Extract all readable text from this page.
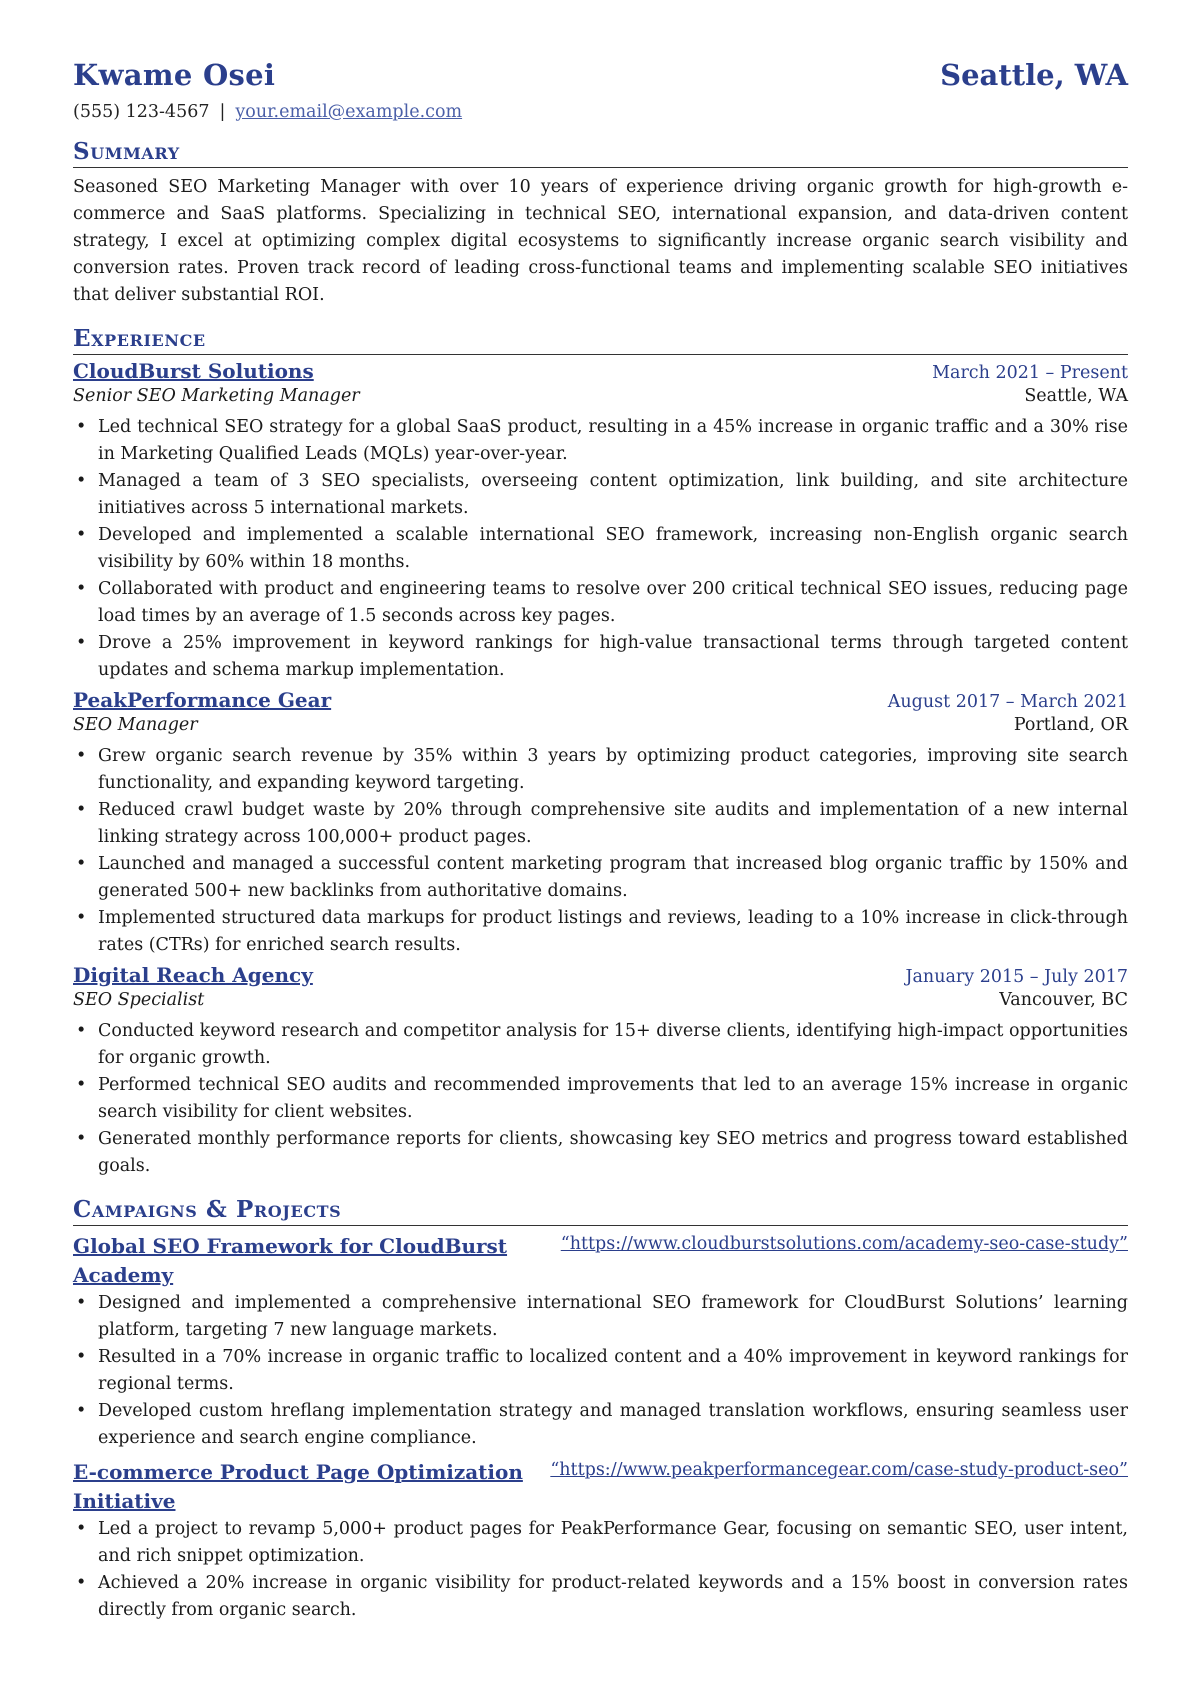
Kwame Osei	Seattle, WA
(555) 123-4567 | your.email@example.com
Summary
Seasoned SEO Marketing Manager with over 10 years of experience driving organic growth for high-growth e-commerce and SaaS platforms. Specializing in technical SEO, international expansion, and data-driven content strategy, I excel at optimizing complex digital ecosystems to significantly increase organic search visibility and conversion rates. Proven track record of leading cross-functional teams and implementing scalable SEO initiatives that deliver substantial ROI.
Experience
CloudBurst Solutions	March 2021 – Present
Senior SEO Marketing Manager	Seattle, WA
• Led technical SEO strategy for a global SaaS product, resulting in a 45% increase in organic traffic and a 30% rise in Marketing Qualified Leads (MQLs) year-over-year.
• Managed a team of 3 SEO specialists, overseeing content optimization, link building, and site architecture initiatives across 5 international markets.
• Developed and implemented a scalable international SEO framework, increasing non-English organic search visibility by 60% within 18 months.
• Collaborated with product and engineering teams to resolve over 200 critical technical SEO issues, reducing page load times by an average of 1.5 seconds across key pages.
• Drove a 25% improvement in keyword rankings for high-value transactional terms through targeted content updates and schema markup implementation.
PeakPerformance Gear	August 2017 – March 2021
SEO Manager	Portland, OR
• Grew organic search revenue by 35% within 3 years by optimizing product categories, improving site search functionality, and expanding keyword targeting.
• Reduced crawl budget waste by 20% through comprehensive site audits and implementation of a new internal linking strategy across 100,000+ product pages.
• Launched and managed a successful content marketing program that increased blog organic traffic by 150% and generated 500+ new backlinks from authoritative domains.
• Implemented structured data markups for product listings and reviews, leading to a 10% increase in click-through rates (CTRs) for enriched search results.
Digital Reach Agency	January 2015 – July 2017
SEO Specialist	Vancouver, BC
• Conducted keyword research and competitor analysis for 15+ diverse clients, identifying high-impact opportunities for organic growth.
• Performed technical SEO audits and recommended improvements that led to an average 15% increase in organic search visibility for client websites.
• Generated monthly performance reports for clients, showcasing key SEO metrics and progress toward established goals.
Campaigns & Projects
Global SEO Framework for CloudBurst Academy
“https://www.cloudburstsolutions.com/academy-seo-case-study”
• Designed and implemented a comprehensive international SEO framework for CloudBurst Solutions’ learning platform, targeting 7 new language markets.
• Resulted in a 70% increase in organic traffic to localized content and a 40% improvement in keyword rankings for regional terms.
• Developed custom hreflang implementation strategy and managed translation workflows, ensuring seamless user experience and search engine compliance.
E-commerce Product Page Optimization Initiative
“https://www.peakperformancegear.com/case-study-product-seo”
• Led a project to revamp 5,000+ product pages for PeakPerformance Gear, focusing on semantic SEO, user intent, and rich snippet optimization.
• Achieved a 20% increase in organic visibility for product-related keywords and a 15% boost in conversion rates directly from organic search.
